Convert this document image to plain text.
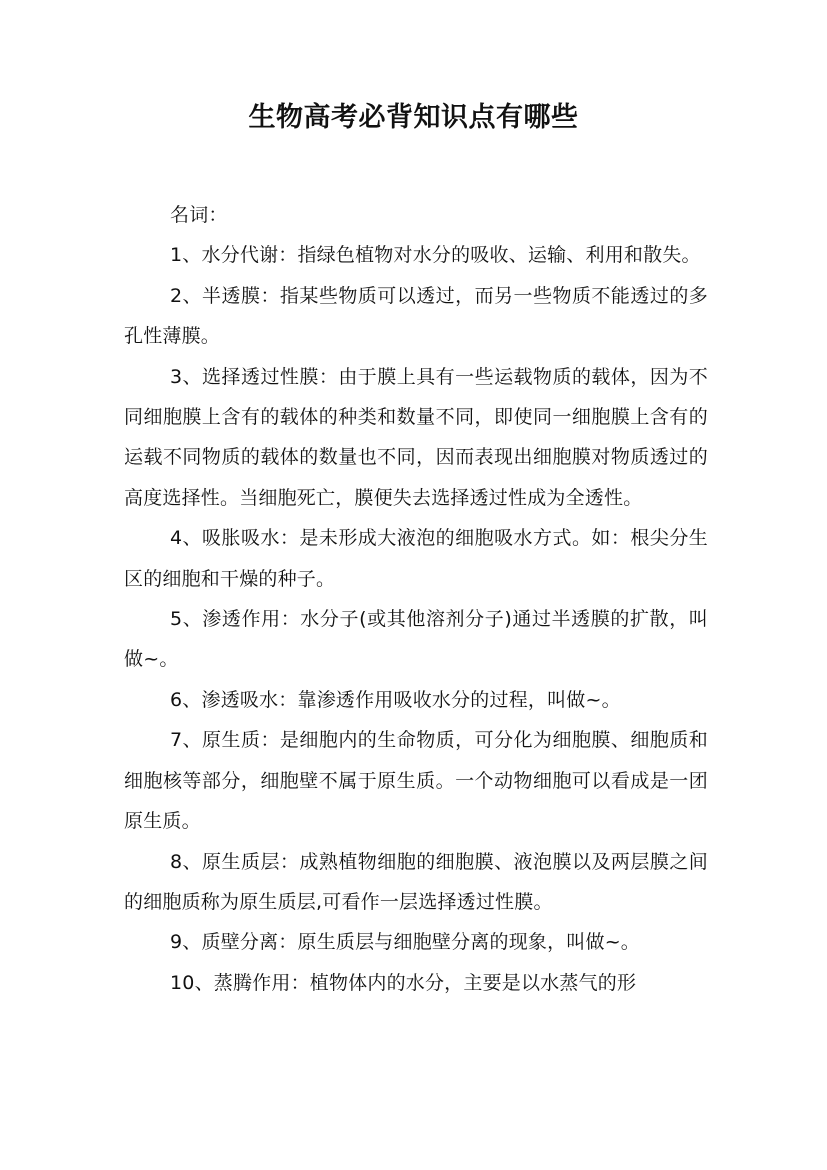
生物高考必背知识点有哪些

名词：

1、水分代谢：指绿色植物对水分的吸收、运输、利用和散失。

2、半透膜：指某些物质可以透过，而另一些物质不能透过的多孔性薄膜。

3、选择透过性膜：由于膜上具有一些运载物质的载体，因为不同细胞膜上含有的载体的种类和数量不同，即使同一细胞膜上含有的运载不同物质的载体的数量也不同，因而表现出细胞膜对物质透过的高度选择性。当细胞死亡，膜便失去选择透过性成为全透性。

4、吸胀吸水：是未形成大液泡的细胞吸水方式。如：根尖分生区的细胞和干燥的种子。

5、渗透作用：水分子(或其他溶剂分子)通过半透膜的扩散，叫做~。

6、渗透吸水：靠渗透作用吸收水分的过程，叫做~。

7、原生质：是细胞内的生命物质，可分化为细胞膜、细胞质和细胞核等部分，细胞壁不属于原生质。一个动物细胞可以看成是一团原生质。

8、原生质层：成熟植物细胞的细胞膜、液泡膜以及两层膜之间的细胞质称为原生质层,可看作一层选择透过性膜。

9、质壁分离：原生质层与细胞壁分离的现象，叫做~。

10、蒸腾作用：植物体内的水分，主要是以水蒸气的形
